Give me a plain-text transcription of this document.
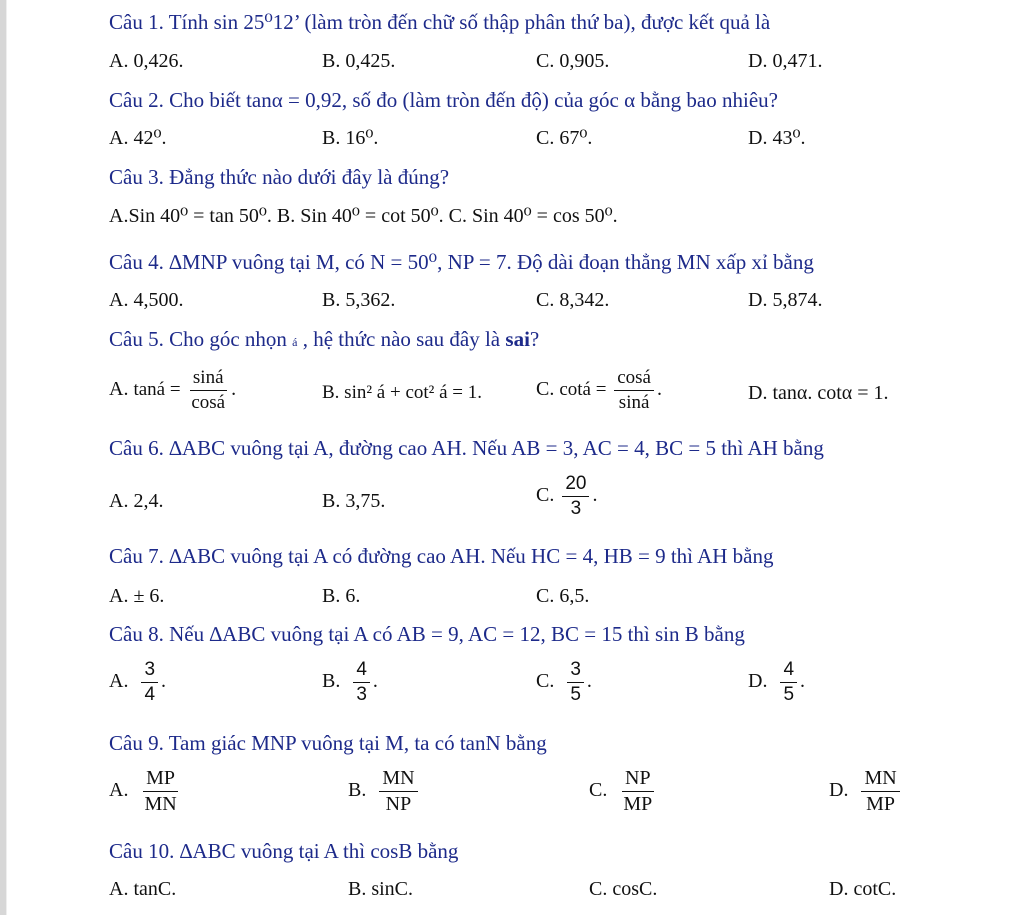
Câu 1. Tính sin 25⁰12’ (làm tròn đến chữ số thập phân thứ ba), được kết quả là
A. 0,426.	B. 0,425.	C. 0,905.	D. 0,471.
Câu 2. Cho biết tanα = 0,92, số đo (làm tròn đến độ) của góc α bằng bao nhiêu?
A. 42⁰.	B. 16⁰.	C. 67⁰.	D. 43⁰.
Câu 3. Đẳng thức nào dưới đây là đúng?
A.Sin 40⁰ = tan 50⁰. B. Sin 40⁰ = cot 50⁰. C. Sin 40⁰ = cos 50⁰.
Câu 4. ∆MNP vuông tại M, có N = 50⁰, NP = 7. Độ dài đoạn thẳng MN xấp xỉ bằng
A. 4,500.	B. 5,362.	C. 8,342.	D. 5,874.
Câu 5. Cho góc nhọn á , hệ thức nào sau đây là sai?
A. taná = $\frac{\sin á}{\cos á}$ .	B. sin² á + cot² á = 1.	C. cotá = $\frac{\cos á}{\sin á}$ .	D. tanα. cotα = 1.
Câu 6. ∆ABC vuông tại A, đường cao AH. Nếu AB = 3, AC = 4, BC = 5 thì AH bằng
A. 2,4.	B. 3,75.	C. $\frac{20}{3}$ .
Câu 7. ∆ABC vuông tại A có đường cao AH. Nếu HC = 4, HB = 9 thì AH bằng
A. ± 6.	B. 6.	C. 6,5.
Câu 8. Nếu ∆ABC vuông tại A có AB = 9, AC = 12, BC = 15 thì sin B bằng
A. $\frac{3}{4}$ .	B. $\frac{4}{3}$ .	C. $\frac{3}{5}$ .	D. $\frac{4}{5}$ .
Câu 9. Tam giác MNP vuông tại M, ta có tanN bằng
A. $\frac{MP}{MN}$	B. $\frac{MN}{NP}$	C. $\frac{NP}{MP}$	D. $\frac{MN}{MP}$
Câu 10. ∆ABC vuông tại A thì cosB bằng
A. tanC.	B. sinC.	C. cosC.	D. cotC.
